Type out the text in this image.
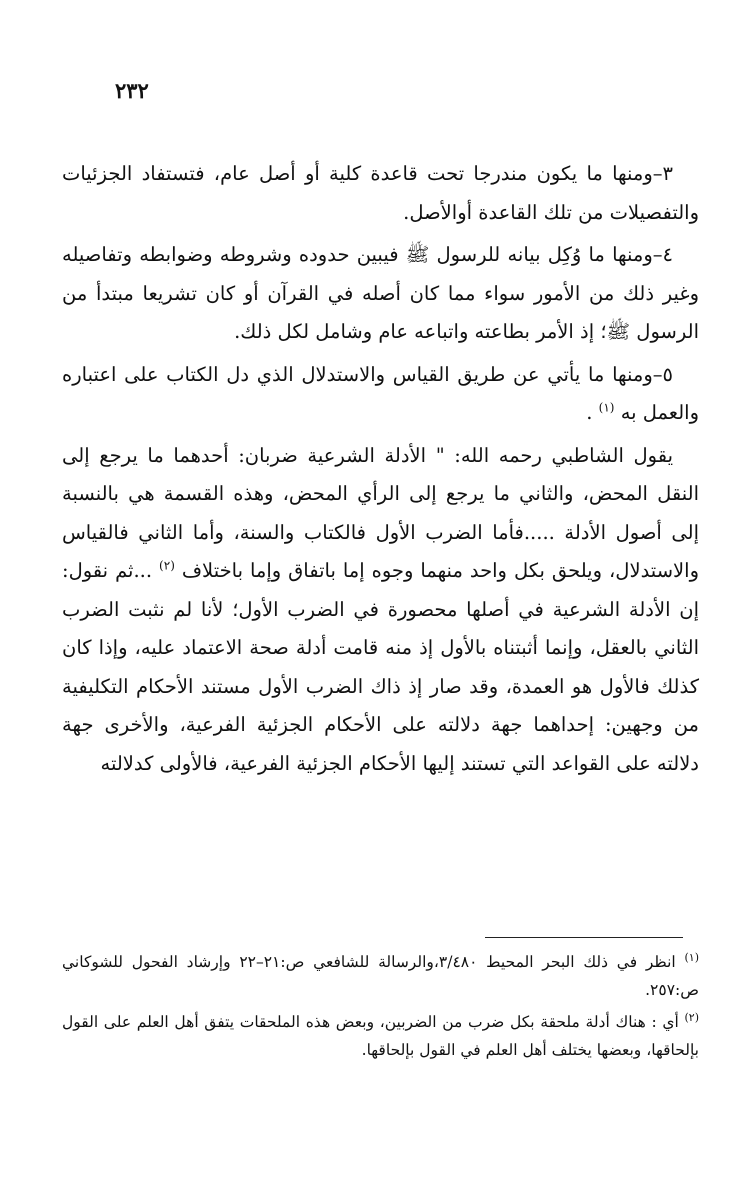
٢٣٢

٣–ومنها ما يكون مندرجا تحت قاعدة كلية أو أصل عام، فتستفاد الجزئيات والتفصيلات من تلك القاعدة أوالأصل.

٤–ومنها ما وُكِل بيانه للرسول ﷺ فيبين حدوده وشروطه وضوابطه وتفاصيله وغير ذلك من الأمور سواء مما كان أصله في القرآن أو كان تشريعا مبتدأ من الرسول ﷺ؛ إذ الأمر بطاعته واتباعه عام وشامل لكل ذلك.

٥–ومنها ما يأتي عن طريق القياس والاستدلال الذي دل الكتاب على اعتباره والعمل به $^{(١)}$ .

يقول الشاطبي رحمه الله: " الأدلة الشرعية ضربان: أحدهما ما يرجع إلى النقل المحض، والثاني ما يرجع إلى الرأي المحض، وهذه القسمة هي بالنسبة إلى أصول الأدلة .....فأما الضرب الأول فالكتاب والسنة، وأما الثاني فالقياس والاستدلال، ويلحق بكل واحد منهما وجوه إما باتفاق وإما باختلاف $^{(٢)}$ ...ثم نقول: إن الأدلة الشرعية في أصلها محصورة في الضرب الأول؛ لأنا لم نثبت الضرب الثاني بالعقل، وإنما أثبتناه بالأول إذ منه قامت أدلة صحة الاعتماد عليه، وإذا كان كذلك فالأول هو العمدة، وقد صار إذ ذاك الضرب الأول مستند الأحكام التكليفية من وجهين: إحداهما جهة دلالته على الأحكام الجزئية الفرعية، والأخرى جهة دلالته على القواعد التي تستند إليها الأحكام الجزئية الفرعية، فالأولى كدلالته

$^{(١)}$ انظر في ذلك البحر المحيط ٣/٤٨٠،والرسالة للشافعي ص:٢١–٢٢ وإرشاد الفحول للشوكاني ص:٢٥٧.

$^{(٢)}$ أي : هناك أدلة ملحقة بكل ضرب من الضربين، وبعض هذه الملحقات يتفق أهل العلم على القول بإلحاقها، وبعضها يختلف أهل العلم في القول بإلحاقها.
